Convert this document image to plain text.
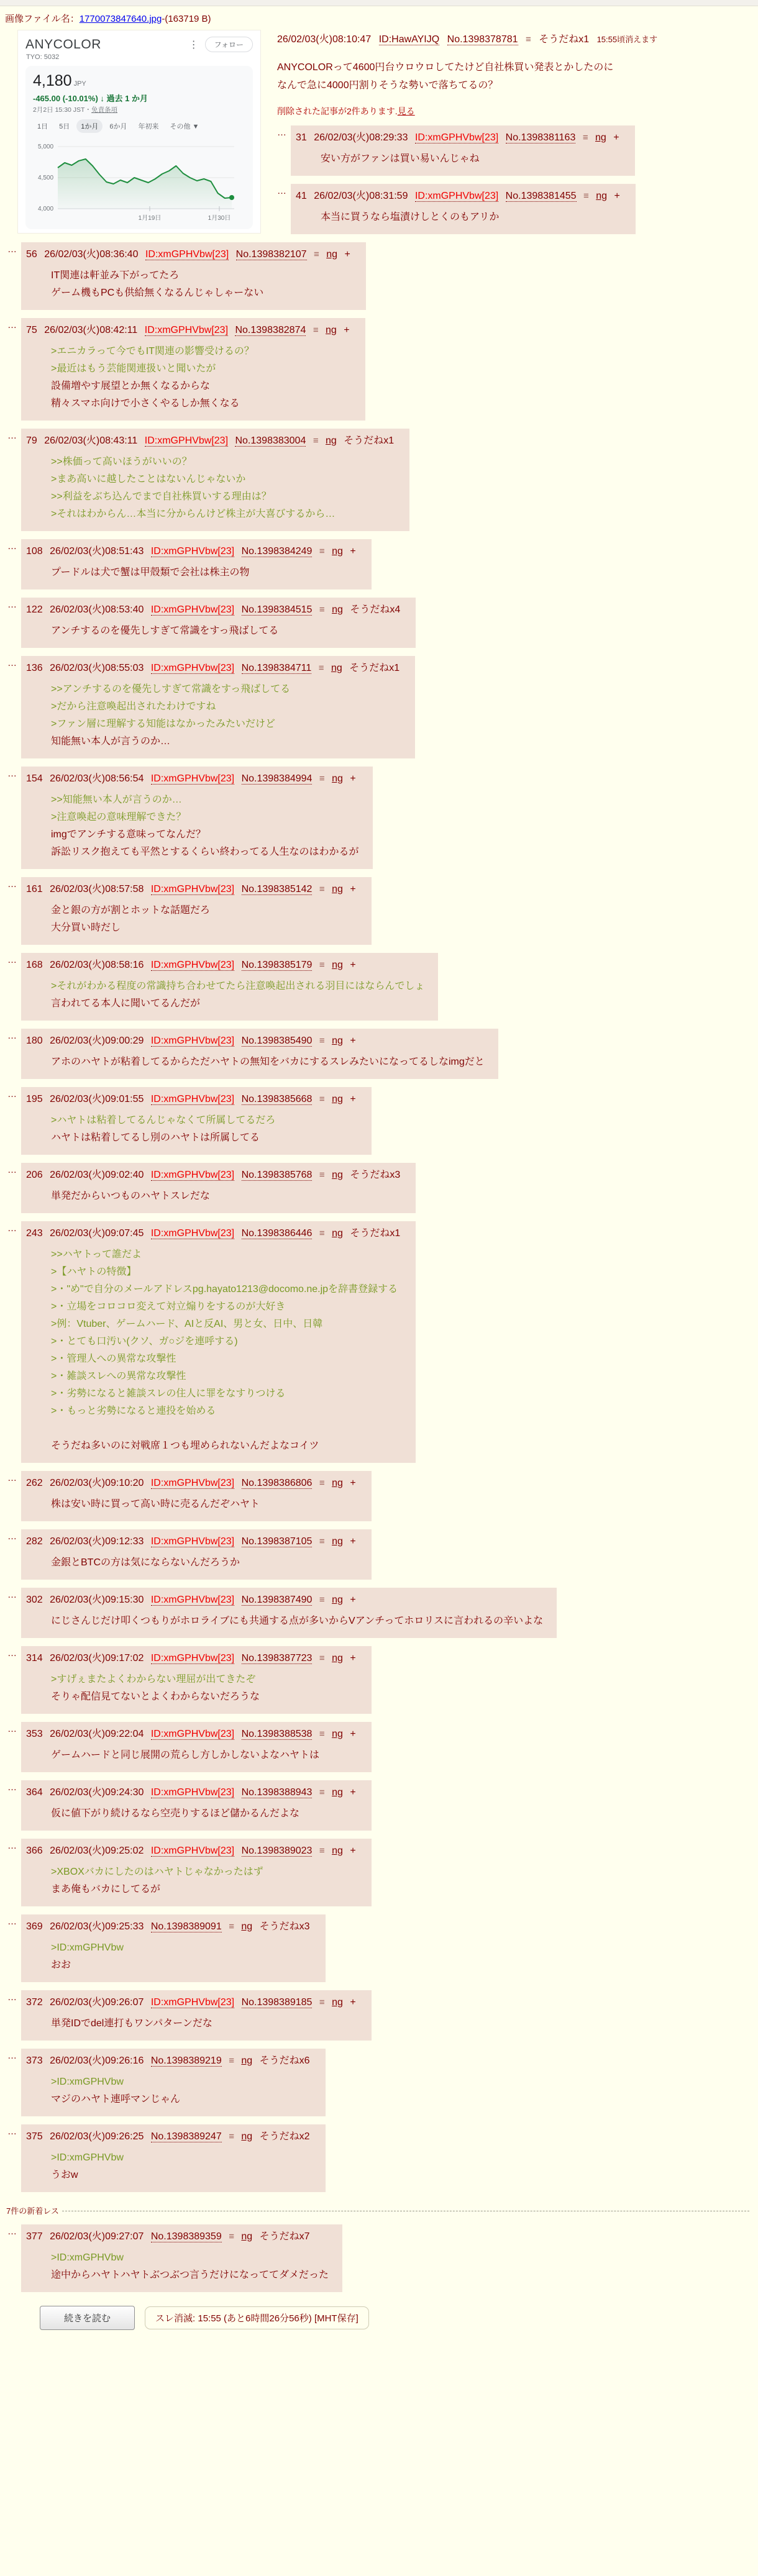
画像ファイル名：1770073847640.jpg-(163719 B)
ANYCOLOR	⋮	フォロー
TYO: 5032
4,180 JPY
-465.00 (-10.01%) ↓ 過去 1 か月
2月2日 15:30 JST・免責条項
1日	5日	1か月	6か月	年初来	その他 ▼
5,000
4,500
4,000
1月19日	1月30日
26/02/03(火)08:10:47 ID:HawAYIJQ No.1398378781 ≡ そうだねx1 15:55頃消えます
ANYCOLORって4600円台ウロウロしてたけど自社株買い発表とかしたのに
なんで急に4000円割りそうな勢いで落ちてるの？
削除された記事が2件あります.見る
… 31 26/02/03(火)08:29:33 ID:xmGPHVbw[23] No.1398381163 ≡ ng +
安い方がファンは買い易いんじゃね
… 41 26/02/03(火)08:31:59 ID:xmGPHVbw[23] No.1398381455 ≡ ng +
本当に買うなら塩漬けしとくのもアリか
… 56 26/02/03(火)08:36:40 ID:xmGPHVbw[23] No.1398382107 ≡ ng +
IT関連は軒並み下がってたろ
ゲーム機もPCも供給無くなるんじゃしゃーない
… 75 26/02/03(火)08:42:11 ID:xmGPHVbw[23] No.1398382874 ≡ ng +
>エニカラって今でもIT関連の影響受けるの？
>最近はもう芸能関連扱いと聞いたが
設備増やす展望とか無くなるからな
精々スマホ向けで小さくやるしか無くなる
… 79 26/02/03(火)08:43:11 ID:xmGPHVbw[23] No.1398383004 ≡ ng そうだねx1
>>株価って高いほうがいいの？
>まあ高いに越したことはないんじゃないか
>>利益をぶち込んでまで自社株買いする理由は？
>それはわからん…本当に分からんけど株主が大喜びするから…
… 108 26/02/03(火)08:51:43 ID:xmGPHVbw[23] No.1398384249 ≡ ng +
プードルは犬で蟹は甲殻類で会社は株主の物
… 122 26/02/03(火)08:53:40 ID:xmGPHVbw[23] No.1398384515 ≡ ng そうだねx4
アンチするのを優先しすぎて常識をすっ飛ばしてる
… 136 26/02/03(火)08:55:03 ID:xmGPHVbw[23] No.1398384711 ≡ ng そうだねx1
>>アンチするのを優先しすぎて常識をすっ飛ばしてる
>だから注意喚起出されたわけですね
>ファン層に理解する知能はなかったみたいだけど
知能無い本人が言うのか…
… 154 26/02/03(火)08:56:54 ID:xmGPHVbw[23] No.1398384994 ≡ ng +
>>知能無い本人が言うのか…
>注意喚起の意味理解できた？
imgでアンチする意味ってなんだ？
訴訟リスク抱えても平然とするくらい終わってる人生なのはわかるが
… 161 26/02/03(火)08:57:58 ID:xmGPHVbw[23] No.1398385142 ≡ ng +
金と銀の方が割とホットな話題だろ
大分買い時だし
… 168 26/02/03(火)08:58:16 ID:xmGPHVbw[23] No.1398385179 ≡ ng +
>それがわかる程度の常識持ち合わせてたら注意喚起出される羽目にはならんでしょ
言われてる本人に聞いてるんだが
… 180 26/02/03(火)09:00:29 ID:xmGPHVbw[23] No.1398385490 ≡ ng +
アホのハヤトが粘着してるからただハヤトの無知をバカにするスレみたいになってるしなimgだと
… 195 26/02/03(火)09:01:55 ID:xmGPHVbw[23] No.1398385668 ≡ ng +
>ハヤトは粘着してるんじゃなくて所属してるだろ
ハヤトは粘着してるし別のハヤトは所属してる
… 206 26/02/03(火)09:02:40 ID:xmGPHVbw[23] No.1398385768 ≡ ng そうだねx3
単発だからいつものハヤトスレだな
… 243 26/02/03(火)09:07:45 ID:xmGPHVbw[23] No.1398386446 ≡ ng そうだねx1
>>ハヤトって誰だよ
>【ハヤトの特徴】
>・"め"で自分のメールアドレスpg.hayato1213@docomo.ne.jpを辞書登録する
>・立場をコロコロ変えて対立煽りをするのが大好き
>例：Vtuber、ゲームハード、AIと反AI、男と女、日中、日韓
>・とても口汚い(クソ、ガ○ジを連呼する)
>・管理人への異常な攻撃性
>・雑談スレへの異常な攻撃性
>・劣勢になると雑談スレの住人に罪をなすりつける
>・もっと劣勢になると連投を始める

そうだね多いのに対戦席１つも埋められないんだよなコイツ
… 262 26/02/03(火)09:10:20 ID:xmGPHVbw[23] No.1398386806 ≡ ng +
株は安い時に買って高い時に売るんだぞハヤト
… 282 26/02/03(火)09:12:33 ID:xmGPHVbw[23] No.1398387105 ≡ ng +
金銀とBTCの方は気にならないんだろうか
… 302 26/02/03(火)09:15:30 ID:xmGPHVbw[23] No.1398387490 ≡ ng +
にじさんじだけ叩くつもりがホロライブにも共通する点が多いからVアンチってホロリスに言われるの辛いよな
… 314 26/02/03(火)09:17:02 ID:xmGPHVbw[23] No.1398387723 ≡ ng +
>すげぇまたよくわからない理屈が出てきたぞ
そりゃ配信見てないとよくわからないだろうな
… 353 26/02/03(火)09:22:04 ID:xmGPHVbw[23] No.1398388538 ≡ ng +
ゲームハードと同じ展開の荒らし方しかしないよなハヤトは
… 364 26/02/03(火)09:24:30 ID:xmGPHVbw[23] No.1398388943 ≡ ng +
仮に値下がり続けるなら空売りするほど儲かるんだよな
… 366 26/02/03(火)09:25:02 ID:xmGPHVbw[23] No.1398389023 ≡ ng +
>XBOXバカにしたのはハヤトじゃなかったはず
まあ俺もバカにしてるが
… 369 26/02/03(火)09:25:33 No.1398389091 ≡ ng そうだねx3
>ID:xmGPHVbw
おお
… 372 26/02/03(火)09:26:07 ID:xmGPHVbw[23] No.1398389185 ≡ ng +
単発IDでdel連打もワンパターンだな
… 373 26/02/03(火)09:26:16 No.1398389219 ≡ ng そうだねx6
>ID:xmGPHVbw
マジのハヤト連呼マンじゃん
… 375 26/02/03(火)09:26:25 No.1398389247 ≡ ng そうだねx2
>ID:xmGPHVbw
うおw
7件の新着レス
… 377 26/02/03(火)09:27:07 No.1398389359 ≡ ng そうだねx7
>ID:xmGPHVbw
途中からハヤトハヤトぶつぶつ言うだけになっててダメだった
続きを読む	スレ消滅: 15:55 (あと6時間26分56秒) [MHT保存]
